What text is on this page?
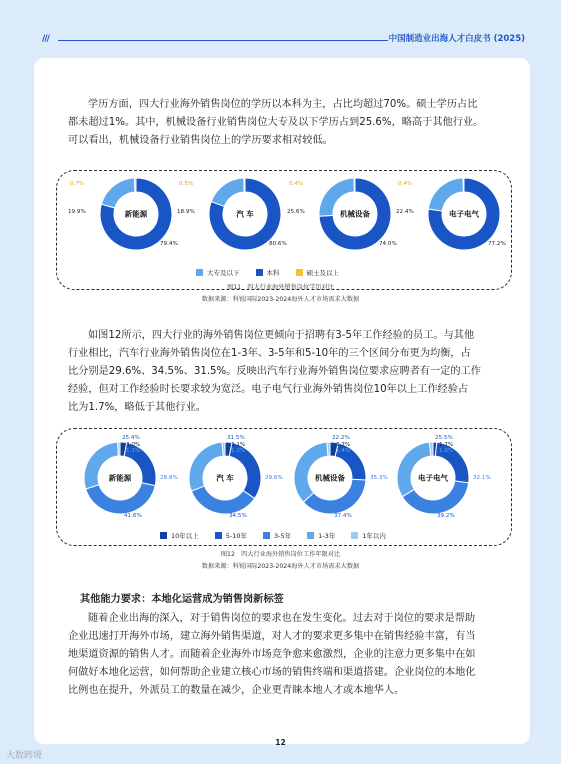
///	中国制造业出海人才白皮书 (2025)
学历方面，四大行业海外销售岗位的学历以本科为主，占比均超过70%。硕士学历占比
都未超过1%。其中，机械设备行业销售岗位大专及以下学历占到25.6%，略高于其他行业。
可以看出，机械设备行业销售岗位上的学历要求相对较低。
新能源
19.9%
79.4%
0.7%
汽 车
18.9%
80.6%
0.5%
机械设备
25.6%
74.0%
0.4%
电子电气
22.4%
77.2%
0.4%
大专及以下	本科	硕士及以上
图11　四大行业海外销售岗位学历对比
数据来源：科锐国际2023-2024海外人才市场需求大数据
如图12所示，四大行业的海外销售岗位更倾向于招聘有3-5年工作经验的员工。与其他
行业相比，汽车行业海外销售岗位在1-3年、3-5年和5-10年的三个区间分布更为均衡，占
比分别是29.6%、34.5%、31.5%。反映出汽车行业海外销售岗位要求应聘者有一定的工作
经验，但对工作经验时长要求较为宽泛。电子电气行业海外销售岗位10年以上工作经验占
比为1.7%，略低于其他行业。
新能源
25.4%
3.0%
1.1%
28.8%
41.6%
汽 车
31.5%
3.1%
1.3%
29.6%
34.5%
机械设备
22.2%
3.7%
1.4%
35.3%
37.4%
电子电气
25.5%
1.7%
1.6%
32.1%
39.2%
10年以上	5-10年	3-5年	1-3年	1年以内
图12　四大行业海外销售岗位工作年限对比
数据来源：科锐国际2023-2024海外人才市场需求大数据
其他能力要求：本地化运营成为销售岗新标签
随着企业出海的深入，对于销售岗位的要求也在发生变化。过去对于岗位的要求是帮助
企业迅速打开海外市场，建立海外销售渠道，对人才的要求更多集中在销售经验丰富，有当
地渠道资源的销售人才。而随着企业海外市场竞争愈来愈激烈，企业的注意力更多集中在如
何做好本地化运营，如何帮助企业建立核心市场的销售终端和渠道搭建。企业岗位的本地化
比例也在提升，外派员工的数量在减少，企业更青睐本地人才或本地华人。
12
大数跨境
